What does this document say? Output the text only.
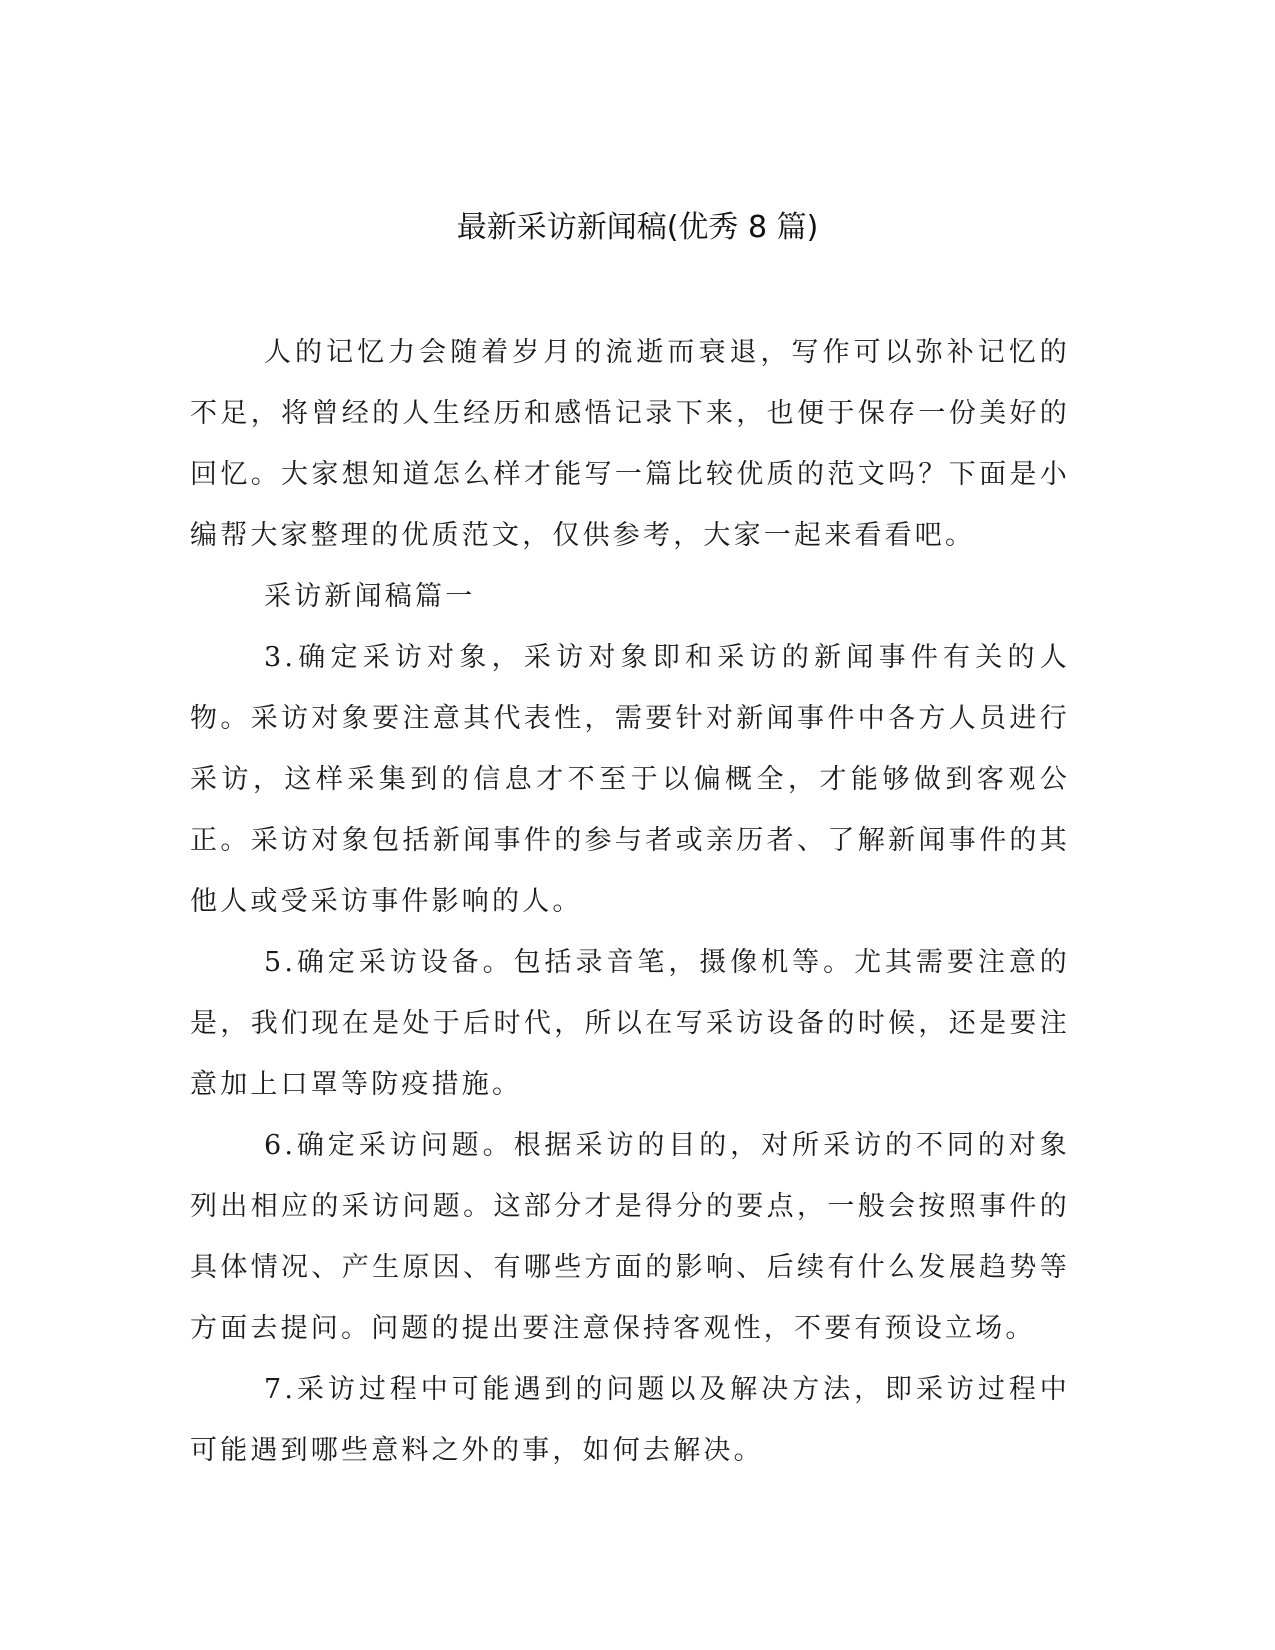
最新采访新闻稿(优秀 8 篇)

人的记忆力会随着岁月的流逝而衰退，写作可以弥补记忆的不足，将曾经的人生经历和感悟记录下来，也便于保存一份美好的回忆。大家想知道怎么样才能写一篇比较优质的范文吗？下面是小编帮大家整理的优质范文，仅供参考，大家一起来看看吧。

采访新闻稿篇一

3.确定采访对象，采访对象即和采访的新闻事件有关的人物。采访对象要注意其代表性，需要针对新闻事件中各方人员进行采访，这样采集到的信息才不至于以偏概全，才能够做到客观公正。采访对象包括新闻事件的参与者或亲历者、了解新闻事件的其他人或受采访事件影响的人。

5.确定采访设备。包括录音笔，摄像机等。尤其需要注意的是，我们现在是处于后时代，所以在写采访设备的时候，还是要注意加上口罩等防疫措施。

6.确定采访问题。根据采访的目的，对所采访的不同的对象列出相应的采访问题。这部分才是得分的要点，一般会按照事件的具体情况、产生原因、有哪些方面的影响、后续有什么发展趋势等方面去提问。问题的提出要注意保持客观性，不要有预设立场。

7.采访过程中可能遇到的问题以及解决方法，即采访过程中可能遇到哪些意料之外的事，如何去解决。
